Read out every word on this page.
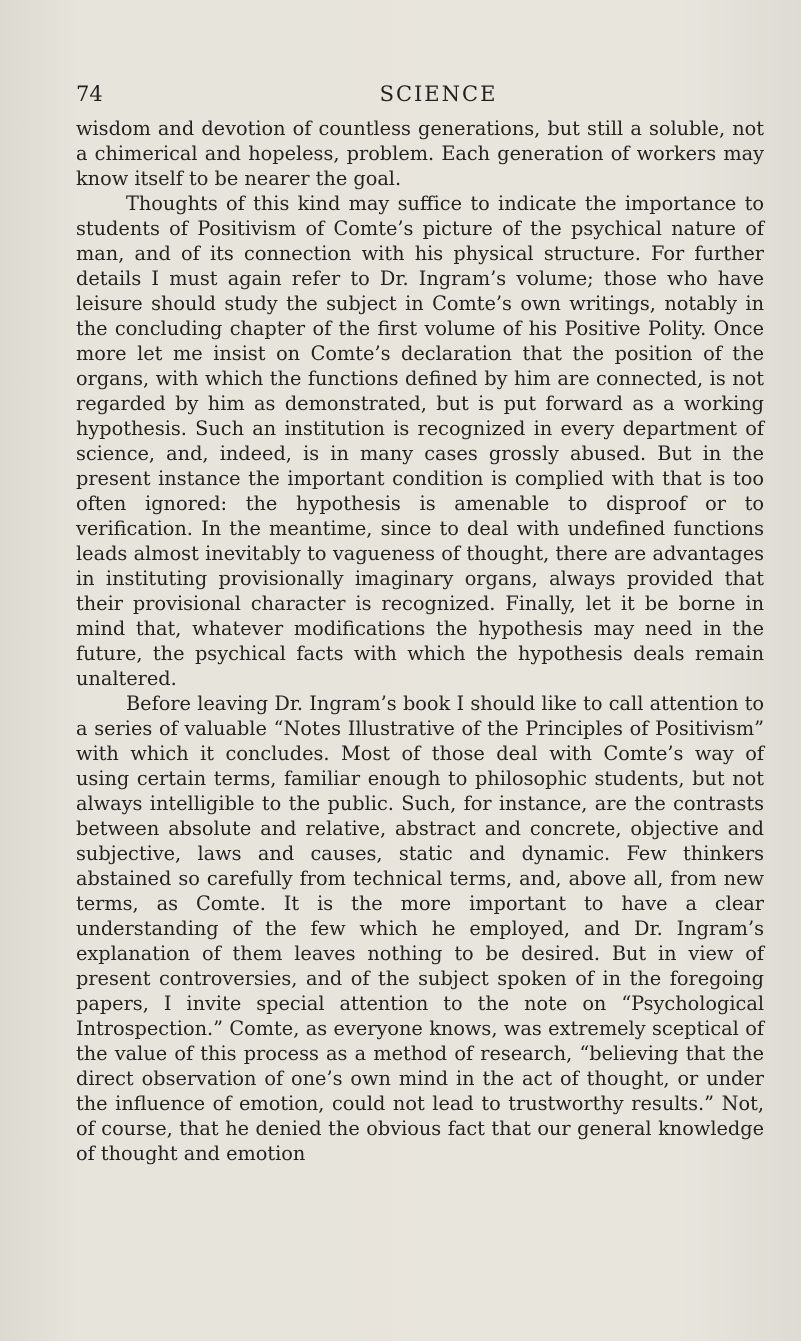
74	SCIENCE

wisdom and devotion of countless generations, but still a soluble, not a chimerical and hopeless, problem. Each generation of workers may know itself to be nearer the goal.

Thoughts of this kind may suffice to indicate the importance to students of Positivism of Comte’s picture of the psychical nature of man, and of its connection with his physical structure. For further details I must again refer to Dr. Ingram’s volume; those who have leisure should study the subject in Comte’s own writings, notably in the concluding chapter of the first volume of his Positive Polity. Once more let me insist on Comte’s declaration that the position of the organs, with which the functions defined by him are connected, is not regarded by him as demonstrated, but is put forward as a working hypothesis. Such an institution is recognized in every department of science, and, indeed, is in many cases grossly abused. But in the present instance the important condition is complied with that is too often ignored: the hypothesis is amenable to disproof or to verification. In the meantime, since to deal with undefined functions leads almost inevitably to vagueness of thought, there are advantages in instituting provisionally imaginary organs, always provided that their provisional character is recognized. Finally, let it be borne in mind that, whatever modifications the hypothesis may need in the future, the psychical facts with which the hypothesis deals remain unaltered.

Before leaving Dr. Ingram’s book I should like to call attention to a series of valuable “Notes Illustrative of the Principles of Positivism” with which it concludes. Most of those deal with Comte’s way of using certain terms, familiar enough to philosophic students, but not always intelligible to the public. Such, for instance, are the contrasts between absolute and relative, abstract and concrete, objective and subjective, laws and causes, static and dynamic. Few thinkers abstained so carefully from technical terms, and, above all, from new terms, as Comte. It is the more important to have a clear understanding of the few which he employed, and Dr. Ingram’s explanation of them leaves nothing to be desired. But in view of present controversies, and of the subject spoken of in the foregoing papers, I invite special attention to the note on “Psychological Introspection.” Comte, as everyone knows, was extremely sceptical of the value of this process as a method of research, “believing that the direct observation of one’s own mind in the act of thought, or under the influence of emotion, could not lead to trustworthy results.” Not, of course, that he denied the obvious fact that our general knowledge of thought and emotion
